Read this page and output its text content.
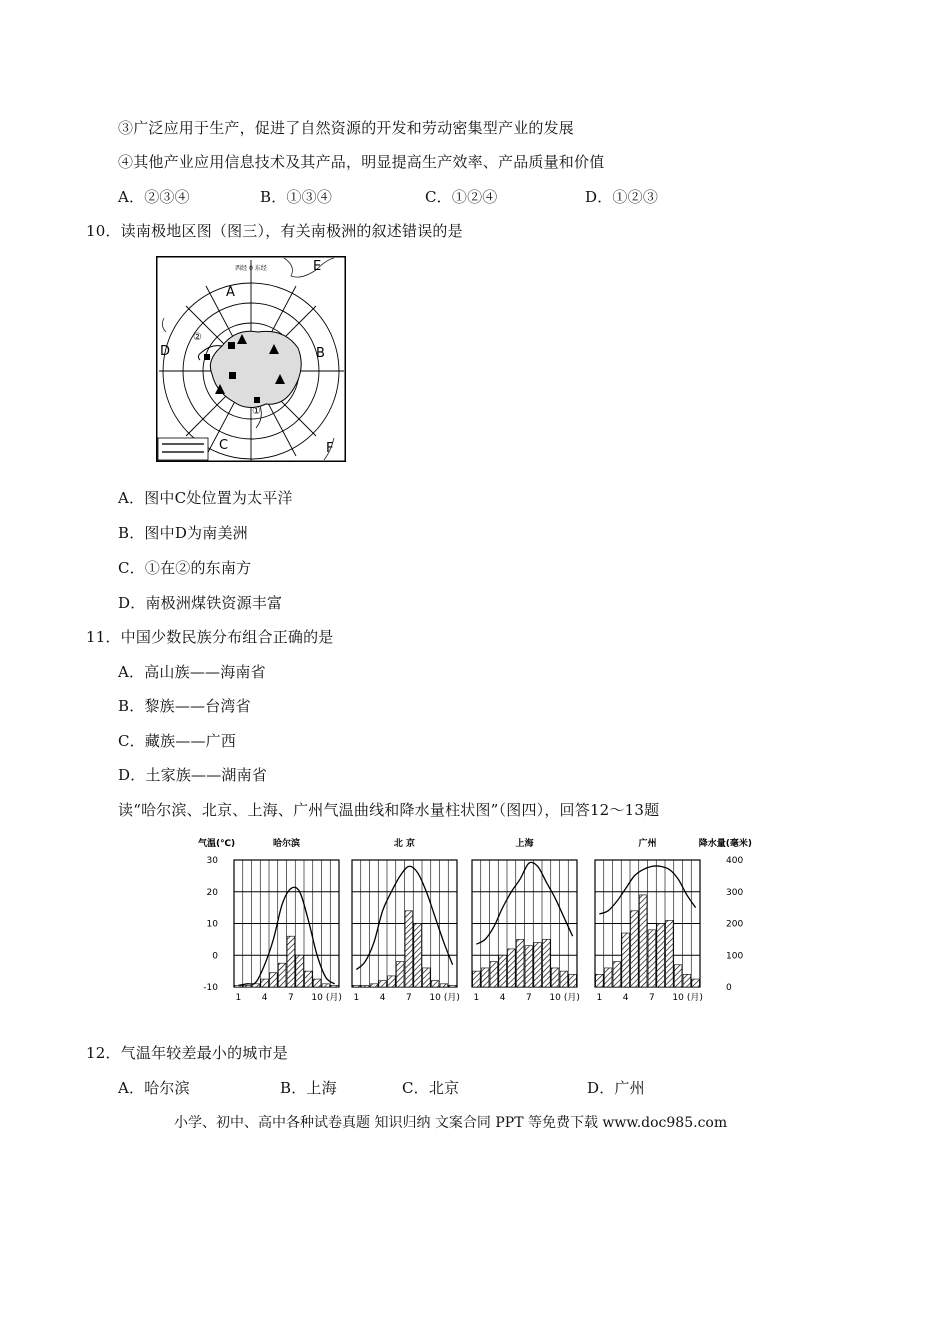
③广泛应用于生产，促进了自然资源的开发和劳动密集型产业的发展
④其他产业应用信息技术及其产品，明显提高生产效率、产品质量和价值
A．②③④	B．①③④	C．①②④	D．①②③
10．读南极地区图（图三），有关南极洲的叙述错误的是
西经 0 东经
A
B
C
D
E
F
①
②
A．图中C处位置为太平洋
B．图中D为南美洲
C．①在②的东南方
D．南极洲煤铁资源丰富
11．中国少数民族分布组合正确的是
A．高山族——海南省
B．黎族——台湾省
C．藏族——广西
D．土家族——湖南省
读“哈尔滨、北京、上海、广州气温曲线和降水量柱状图”（图四），回答12～13题
气温(℃)	降水量(毫米)
30
20
10
0
-10
400
300
200
100
0
哈尔滨
1 4 7 10 (月)
北 京
1 4 7 10 (月)
上海
1 4 7 10 (月)
广州
1 4 7 10 (月)
12．气温年较差最小的城市是
A．哈尔滨	B．上海	C．北京	D．广州
小学、初中、高中各种试卷真题 知识归纳 文案合同 PPT 等免费下载 www.doc985.com
